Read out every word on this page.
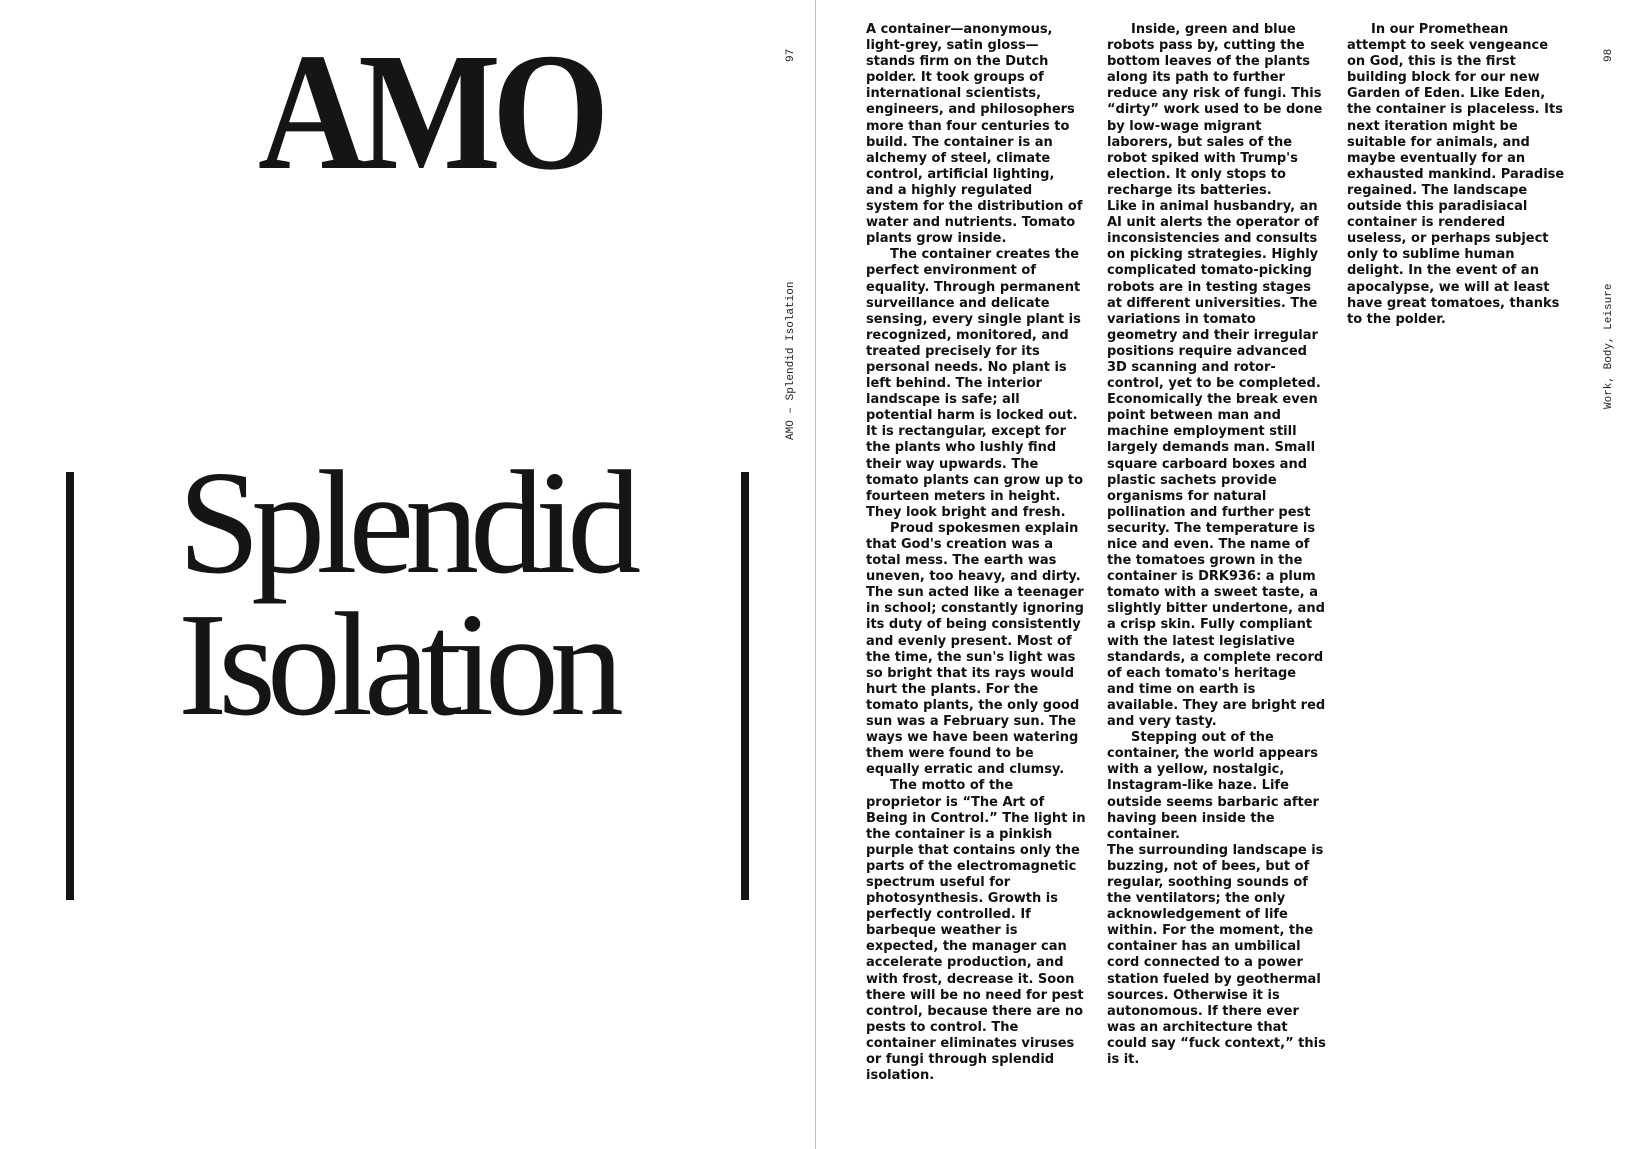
AMO
Splendid
Isolation
97
AMO – Splendid Isolation

A container—anonymous, light-grey, satin gloss—stands firm on the Dutch polder. It took groups of international scientists, engineers, and philosophers more than four centuries to build. The container is an alchemy of steel, climate control, artificial lighting, and a highly regulated system for the distribution of water and nutrients. Tomato plants grow inside.

The container creates the perfect environment of equality. Through permanent surveillance and delicate sensing, every single plant is recognized, monitored, and treated precisely for its personal needs. No plant is left behind. The interior landscape is safe; all potential harm is locked out. It is rectangular, except for the plants who lushly find their way upwards. The tomato plants can grow up to fourteen meters in height. They look bright and fresh.

Proud spokesmen explain that God's creation was a total mess. The earth was uneven, too heavy, and dirty. The sun acted like a teenager in school; constantly ignoring its duty of being consistently and evenly present. Most of the time, the sun's light was so bright that its rays would hurt the plants. For the tomato plants, the only good sun was a February sun. The ways we have been watering them were found to be equally erratic and clumsy.

The motto of the proprietor is “The Art of Being in Control.” The light in the container is a pinkish purple that contains only the parts of the electromagnetic spectrum useful for photosynthesis. Growth is perfectly controlled. If barbeque weather is expected, the manager can accelerate production, and with frost, decrease it. Soon there will be no need for pest control, because there are no pests to control. The container eliminates viruses or fungi through splendid isolation.

Inside, green and blue robots pass by, cutting the bottom leaves of the plants along its path to further reduce any risk of fungi. This “dirty” work used to be done by low-wage migrant laborers, but sales of the robot spiked with Trump's election. It only stops to recharge its batteries.

Like in animal husbandry, an AI unit alerts the operator of inconsistencies and consults on picking strategies. Highly complicated tomato-picking robots are in testing stages at different universities. The variations in tomato geometry and their irregular positions require advanced 3D scanning and rotor-control, yet to be completed. Economically the break even point between man and machine employment still largely demands man. Small square carboard boxes and plastic sachets provide organisms for natural pollination and further pest security. The temperature is nice and even. The name of the tomatoes grown in the container is DRK936: a plum tomato with a sweet taste, a slightly bitter undertone, and a crisp skin. Fully compliant with the latest legislative standards, a complete record of each tomato's heritage and time on earth is available. They are bright red and very tasty.

Stepping out of the container, the world appears with a yellow, nostalgic, Instagram-like haze. Life outside seems barbaric after having been inside the container.

The surrounding landscape is buzzing, not of bees, but of regular, soothing sounds of the ventilators; the only acknowledgement of life within. For the moment, the container has an umbilical cord connected to a power station fueled by geothermal sources. Otherwise it is autonomous. If there ever was an architecture that could say “fuck context,” this is it.

In our Promethean attempt to seek vengeance on God, this is the first building block for our new Garden of Eden. Like Eden, the container is placeless. Its next iteration might be suitable for animals, and maybe eventually for an exhausted mankind. Paradise regained. The landscape outside this paradisiacal container is rendered useless, or perhaps subject only to sublime human delight. In the event of an apocalypse, we will at least have great tomatoes, thanks to the polder.

98
Work, Body, Leisure
